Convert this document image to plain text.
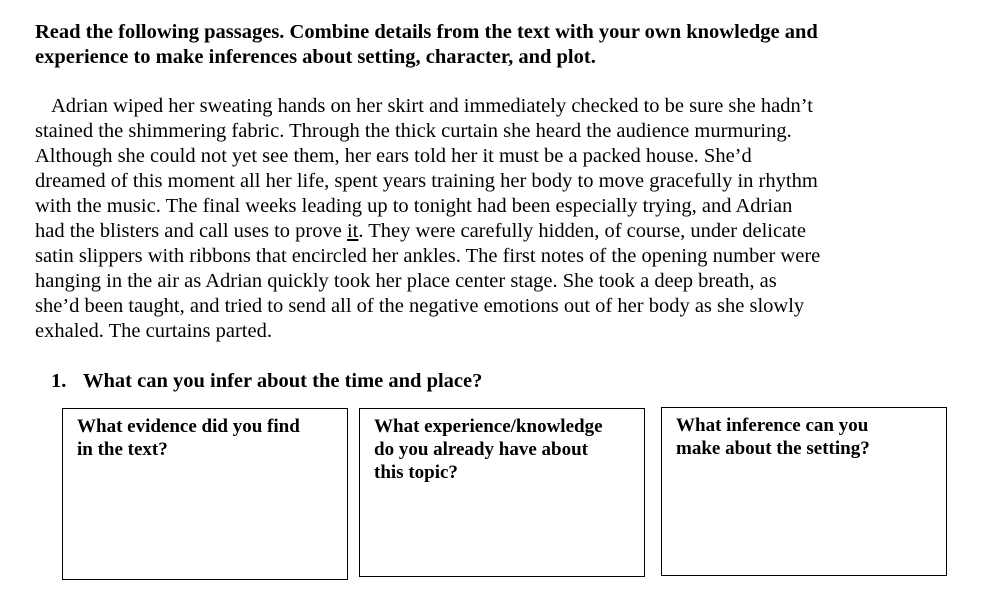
Read the following passages. Combine details from the text with your own knowledge and
experience to make inferences about setting, character, and plot.

Adrian wiped her sweating hands on her skirt and immediately checked to be sure she hadn’t
stained the shimmering fabric. Through the thick curtain she heard the audience murmuring.
Although she could not yet see them, her ears told her it must be a packed house. She’d
dreamed of this moment all her life, spent years training her body to move gracefully in rhythm
with the music. The final weeks leading up to tonight had been especially trying, and Adrian
had the blisters and call uses to prove it. They were carefully hidden, of course, under delicate
satin slippers with ribbons that encircled her ankles. The first notes of the opening number were
hanging in the air as Adrian quickly took her place center stage. She took a deep breath, as
she’d been taught, and tried to send all of the negative emotions out of her body as she slowly
exhaled. The curtains parted.

1. What can you infer about the time and place?

What evidence did you find
in the text?
What experience/knowledge
do you already have about
this topic?
What inference can you
make about the setting?
